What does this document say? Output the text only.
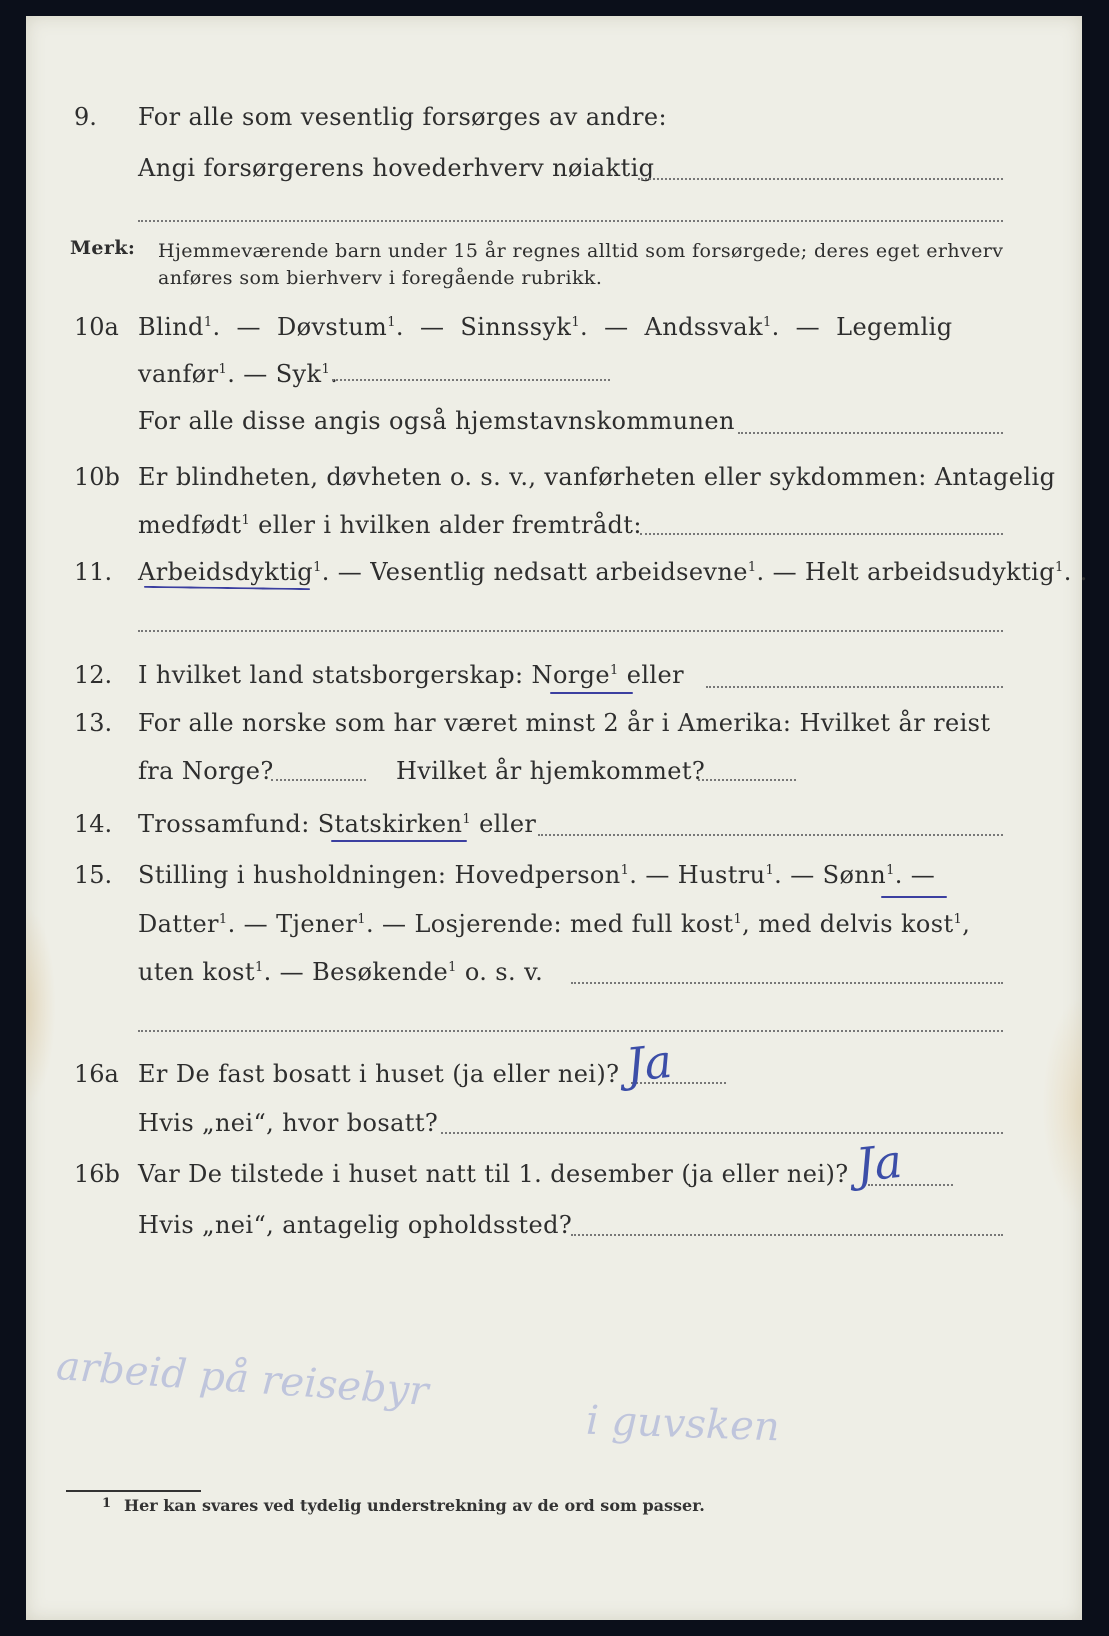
9. For alle som vesentlig forsørges av andre:
Angi forsørgerens hovederhverv nøiaktig
Merk: Hjemmeværende barn under 15 år regnes alltid som forsørgede; deres eget erhverv
anføres som bierhverv i foregående rubrikk.
10a Blind$^1$. — Døvstum$^1$. — Sinnssyk$^1$. — Andssvak$^1$. — Legemlig
vanfør$^1$. — Syk$^1$.
For alle disse angis også hjemstavnskommunen
10b Er blindheten, døvheten o. s. v., vanførheten eller sykdommen: Antagelig
medfødt$^1$ eller i hvilken alder fremtrådt:
11. Arbeidsdyktig$^1$. — Vesentlig nedsatt arbeidsevne$^1$. — Helt arbeidsudyktig$^1$. .
12. I hvilket land statsborgerskap: Norge$^1$ eller
13. For alle norske som har været minst 2 år i Amerika: Hvilket år reist
fra Norge?	Hvilket år hjemkommet?
14. Trossamfund: Statskirken$^1$ eller
15. Stilling i husholdningen: Hovedperson$^1$. — Hustru$^1$. — Sønn$^1$. —
Datter$^1$. — Tjener$^1$. — Losjerende: med full kost$^1$, med delvis kost$^1$,
uten kost$^1$. — Besøkende$^1$ o. s. v.
16a Er De fast bosatt i huset (ja eller nei)? Ja
Hvis „nei“, hvor bosatt?
16b Var De tilstede i huset natt til 1. desember (ja eller nei)? Ja
Hvis „nei“, antagelig opholdssted?
arbeid på reisebyr
i guvsken
1 Her kan svares ved tydelig understrekning av de ord som passer.
